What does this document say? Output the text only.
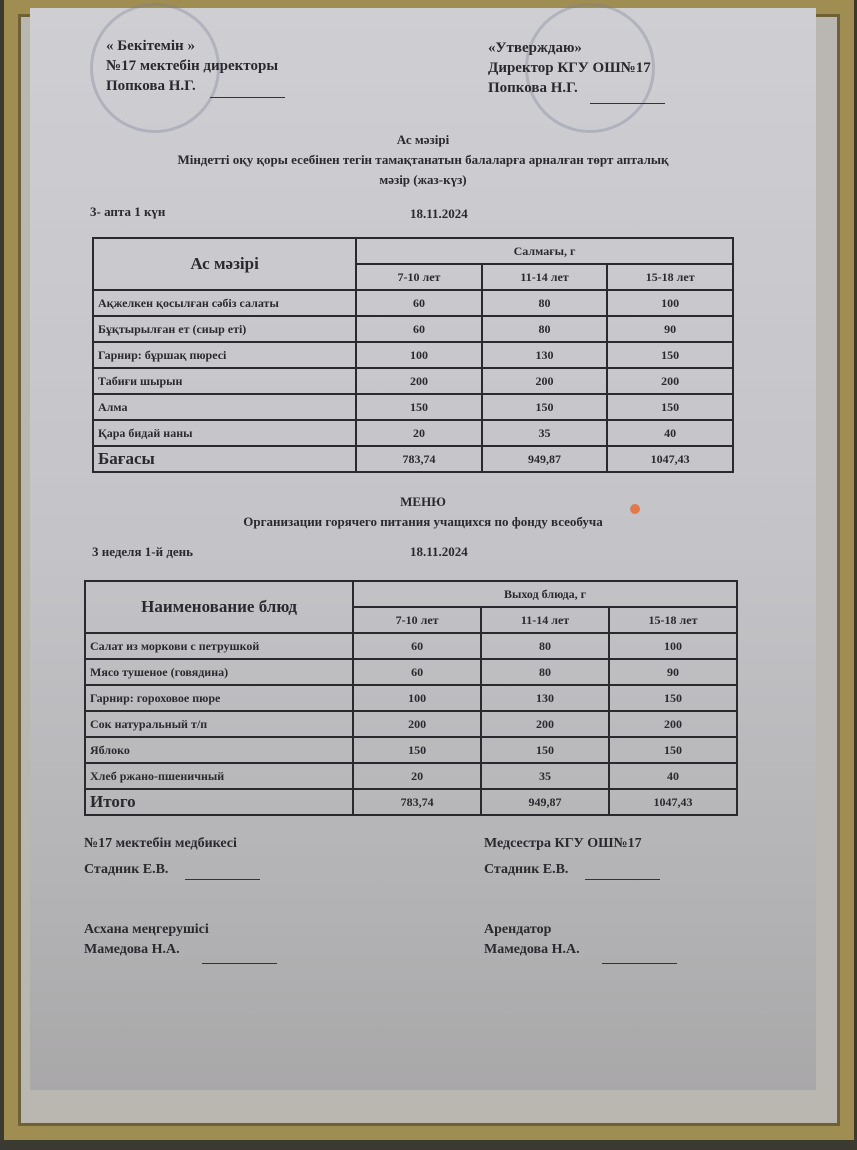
« Бекітемін »
№17 мектебін директоры
Попкова Н.Г.
«Утверждаю»
Директор КГУ ОШ№17
Попкова Н.Г.
Ас мәзірі
Міндетті оқу қоры есебінен тегін тамақтанатын балаларға арналған төрт апталық
мәзір (жаз-күз)
3- апта 1 күн	18.11.2024
Ас мәзірі	Салмағы, г		
	7-10 лет	11-14 лет	15-18 лет
Ақжелкен қосылған сәбіз салаты	60	80	100
Бұқтырылған ет (сиыр еті)	60	80	90
Гарнир: бұршақ пюресі	100	130	150
Табиғи шырын	200	200	200
Алма	150	150	150
Қара бидай наны	20	35	40
Бағасы	783,74	949,87	1047,43
МЕНЮ
Организации горячего питания учащихся по фонду всеобуча
3 неделя 1-й день	18.11.2024
Наименование блюд	Выход блюда, г		
	7-10 лет	11-14 лет	15-18 лет
Салат из моркови с петрушкой	60	80	100
Мясо тушеное (говядина)	60	80	90
Гарнир: гороховое пюре	100	130	150
Сок натуральный т/п	200	200	200
Яблоко	150	150	150
Хлеб ржано-пшеничный	20	35	40
Итого	783,74	949,87	1047,43
№17 мектебін медбикесі
Стадник Е.В.
Медсестра КГУ ОШ№17
Стадник Е.В.
Асхана меңгерушісі
Мамедова Н.А.
Арендатор
Мамедова Н.А.
